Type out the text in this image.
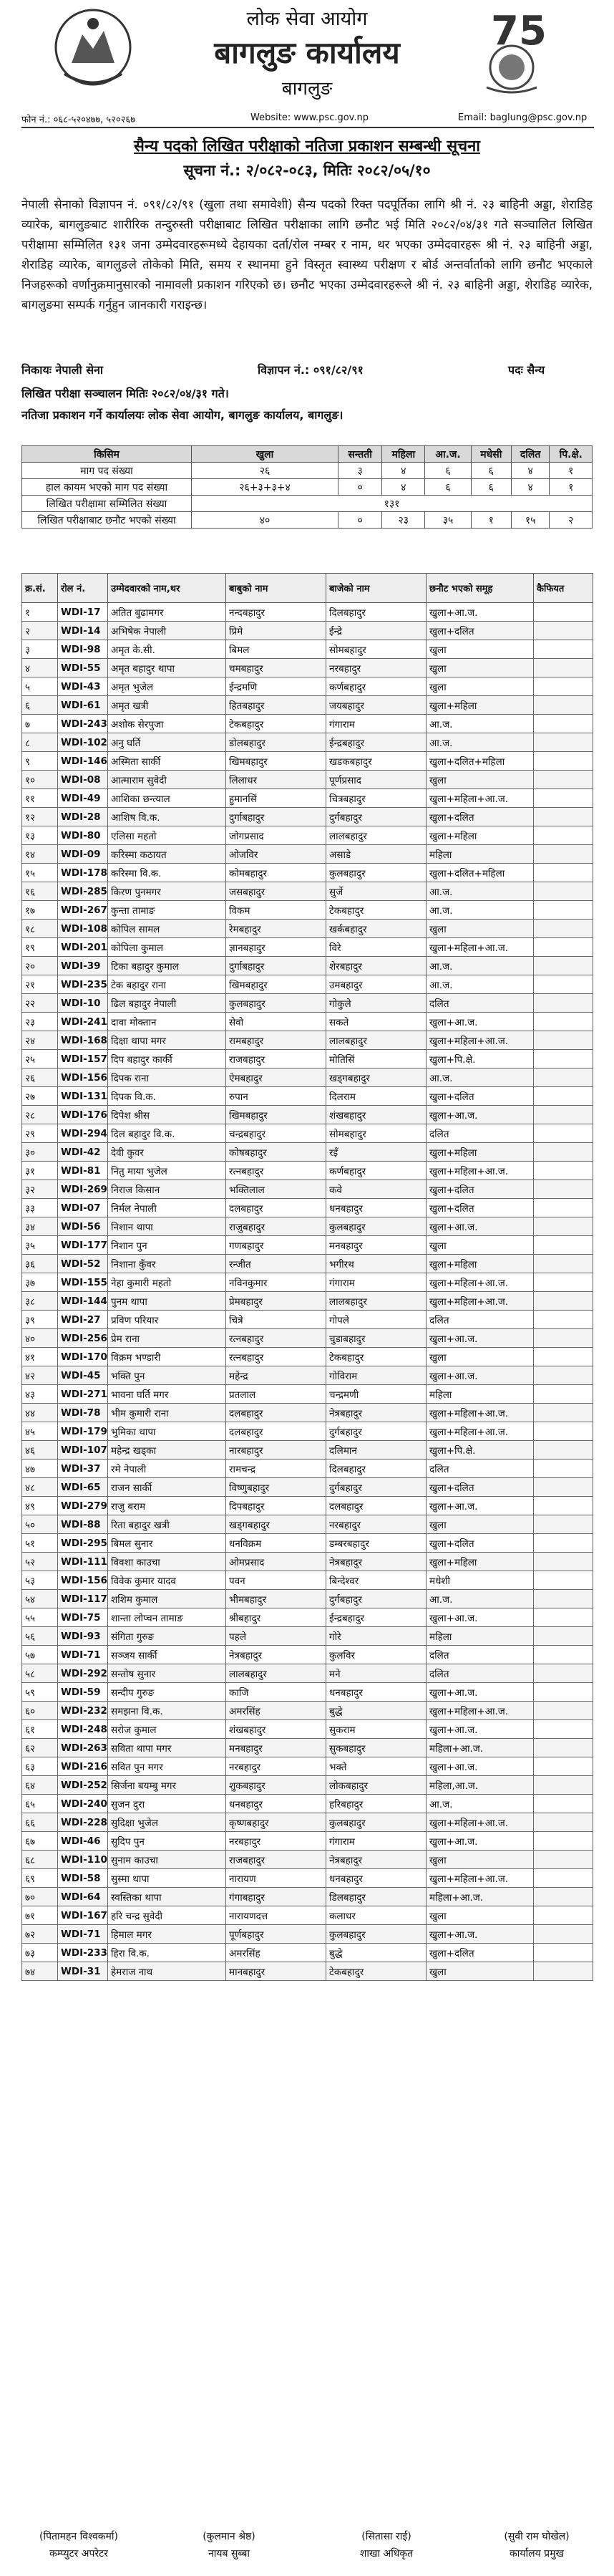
लोक सेवा आयोग
बागलुङ कार्यालय
बागलुङ
75
फोन नं.: ०६८-५२०४७७, ५२०२६७	Website: www.psc.gov.np	Email: baglung@psc.gov.np
सैन्य पदको लिखित परीक्षाको नतिजा प्रकाशन सम्बन्धी सूचना
सूचना नं.: २/०८२-०८३, मितिः २०८२/०५/१०
नेपाली सेनाको विज्ञापन नं. ०९१/८२/९१ (खुला तथा समावेशी) सैन्य पदको रिक्त पदपूर्तिका लागि श्री नं. २३ बाहिनी अड्डा, शेराडिह व्यारेक, बागलुङबाट शारीरिक तन्दुरुस्ती परीक्षाबाट लिखित परीक्षाका लागि छनौट भई मिति २०८२/०४/३१ गते सञ्चालित लिखित परीक्षामा सम्मिलित १३१ जना उम्मेदवारहरूमध्ये देहायका दर्ता/रोल नम्बर र नाम, थर भएका उम्मेदवारहरू श्री नं. २३ बाहिनी अड्डा, शेराडिह व्यारेक, बागलुङले तोकेको मिति, समय र स्थानमा हुने विस्तृत स्वास्थ्य परीक्षण र बोर्ड अन्तर्वार्ताको लागि छनौट भएकाले निजहरूको वर्णानुक्रमानुसारको नामावली प्रकाशन गरिएको छ। छनौट भएका उम्मेदवारहरूले श्री नं. २३ बाहिनी अड्डा, शेराडिह व्यारेक, बागलुङमा सम्पर्क गर्नुहुन जानकारी गराइन्छ।
निकायः नेपाली सेना	विज्ञापन नं.: ०९१/८२/९१	पदः सैन्य
लिखित परीक्षा सञ्चालन मितिः २०८२/०४/३१ गते।
नतिजा प्रकाशन गर्ने कार्यालयः लोक सेवा आयोग, बागलुङ कार्यालय, बागलुङ।
किसिम	खुला	सन्तती	महिला	आ.ज.	मधेसी	दलित	पि.क्षे.
माग पद संख्या	२६	३	४	६	६	४	१
हाल कायम भएको माग पद संख्या	२६+३+३+४	०	४	६	६	४	१
लिखित परीक्षामा सम्मिलित संख्या	१३१						
लिखित परीक्षाबाट छनौट भएको संख्या	४०	०	२३	३५	१	१५	२
क्र.सं.	रोल नं.	उम्मेदवारको नाम,थर	बाबुको नाम	बाजेको नाम	छनौट भएको समूह	कैफियत
१	WDI-17	अतित बुढामगर	नन्दबहादुर	दिलबहादुर	खुला+आ.ज.	
२	WDI-14	अभिषेक नेपाली	प्रिमे	ईन्द्रे	खुला+दलित	
३	WDI-98	अमृत के.सी.	बिमल	सोमबहादुर	खुला	
४	WDI-55	अमृत बहादुर थापा	चमबहादुर	नरबहादुर	खुला	
५	WDI-43	अमृत भुजेल	ईन्द्रमणि	कर्णबहादुर	खुला	
६	WDI-61	अमृत खत्री	हितबहादुर	जयबहादुर	खुला+महिला	
७	WDI-243	अशोक सेरपुजा	टेकबहादुर	गंगाराम	आ.ज.	
८	WDI-102	अनु घर्ति	डोलबहादुर	ईन्द्रबहादुर	आ.ज.	
९	WDI-146	अस्मिता सार्की	खिमबहादुर	खडकबहादुर	खुला+दलित+महिला	
१०	WDI-08	आत्माराम सुवेदी	लिलाधर	पूर्णप्रसाद	खुला	
११	WDI-49	आशिका छन्त्याल	हुमानसिं	चित्रबहादुर	खुला+महिला+आ.ज.	
१२	WDI-28	आशिष वि.क.	दुर्गाबहादुर	दुर्गबहादुर	खुला+दलित	
१३	WDI-80	एलिसा महतो	जोगप्रसाद	लालबहादुर	खुला+महिला	
१४	WDI-09	करिस्मा कठायत	ओजविर	असाडे	महिला	
१५	WDI-178	करिस्मा वि.क.	कोमबहादुर	कुलबहादुर	खुला+दलित+महिला	
१६	WDI-285	किरण पुनमगर	जसबहादुर	सुर्जे	आ.ज.	
१७	WDI-267	कुन्ता तामाङ	विकम	टेकबहादुर	आ.ज.	
१८	WDI-108	कोपिल सामल	रेमबहादुर	खर्कबहादुर	खुला	
१९	WDI-201	कोपिला कुमाल	ज्ञानबहादुर	विरे	खुला+महिला+आ.ज.	
२०	WDI-39	टिका बहादुर कुमाल	दुर्गाबहादुर	शेरबहादुर	आ.ज.	
२१	WDI-235	टेक बहादुर राना	खिमबहादुर	उमबहादुर	आ.ज.	
२२	WDI-10	ढिल बहादुर नेपाली	कुलबहादुर	गोकुले	दलित	
२३	WDI-241	दावा मोक्तान	सेवो	सकते	खुला+आ.ज.	
२४	WDI-168	दिक्षा थापा मगर	रामबहादुर	लालबहादुर	खुला+महिला+आ.ज.	
२५	WDI-157	दिप बहादुर कार्की	राजबहादुर	मोतिसिं	खुला+पि.क्षे.	
२६	WDI-156	दिपक राना	ऐमबहादुर	खड्गबहादुर	आ.ज.	
२७	WDI-131	दिपक वि.क.	रुपान	दिलराम	खुला+दलित	
२८	WDI-176	दिपेश श्रीस	खिमबहादुर	शंखबहादुर	खुला+आ.ज.	
२९	WDI-294	दिल बहादुर वि.क.	चन्द्रबहादुर	सोमबहादुर	दलित	
३०	WDI-42	देवी कुवर	कोषबहादुर	रइँ	खुला+महिला	
३१	WDI-81	नितु माया भुजेल	रत्नबहादुर	कर्णबहादुर	खुला+महिला+आ.ज.	
३२	WDI-269	निराज किसान	भक्तिलाल	कवे	खुला+दलित	
३३	WDI-07	निर्मल नेपाली	दलबहादुर	धनबहादुर	खुला+दलित	
३४	WDI-56	निशान थापा	राजुबहादुर	कुलबहादुर	खुला+आ.ज.	
३५	WDI-177	निशान पुन	गणबहादुर	मनबहादुर	खुला	
३६	WDI-52	निशाना कुँवर	रन्जीत	भगीरथ	खुला+महिला	
३७	WDI-155	नेहा कुमारी महतो	नविनकुमार	गंगाराम	खुला+महिला+आ.ज.	
३८	WDI-144	पुनम थापा	प्रेमबहादुर	लालबहादुर	खुला+महिला+आ.ज.	
३९	WDI-27	प्रविण परियार	चित्रे	गोपले	दलित	
४०	WDI-256	प्रेम राना	रत्नबहादुर	चुडाबहादुर	खुला+आ.ज.	
४१	WDI-170	विक्रम भण्डारी	रत्नबहादुर	टेकबहादुर	खुला	
४२	WDI-45	भक्ति पुन	महेन्द्र	गोविराम	खुला+आ.ज.	
४३	WDI-271	भावना घर्ति मगर	प्रतलाल	चन्द्रमणी	महिला	
४४	WDI-78	भीम कुमारी राना	दलबहादुर	नेत्रबहादुर	खुला+महिला+आ.ज.	
४५	WDI-179	भुमिका थापा	दलबहादुर	दुर्गबहादुर	खुला+महिला+आ.ज.	
४६	WDI-107	महेन्द्र खड्का	नारबहादुर	दलिमान	खुला+पि.क्षे.	
४७	WDI-37	रमे नेपाली	रामचन्द्र	दिलबहादुर	दलित	
४८	WDI-65	राजन सार्की	विष्णुबहादुर	दुर्गबहादुर	खुला+दलित	
४९	WDI-279	राजु बराम	दिपबहादुर	दलबहादुर	खुला+आ.ज.	
५०	WDI-88	रिता बहादुर खत्री	खड्गबहादुर	नरबहादुर	खुला	
५१	WDI-295	बिमल सुनार	धनविक्रम	डम्बरबहादुर	खुला+दलित	
५२	WDI-111	विवशा काउचा	ओमप्रसाद	नेत्रबहादुर	खुला+महिला	
५३	WDI-156	विवेक कुमार यादव	पवन	बिन्देश्वर	मधेशी	
५४	WDI-117	शशिम कुमाल	भीमबहादुर	दुर्गबहादुर	आ.ज.	
५५	WDI-75	शान्ता लोप्चन तामाङ	श्रीबहादुर	ईन्द्रबहादुर	खुला+आ.ज.	
५६	WDI-93	संगिता गुरुङ	पहले	गोरे	महिला	
५७	WDI-71	सञ्जय सार्की	नेत्रबहादुर	कुलविर	दलित	
५८	WDI-292	सन्तोष सुनार	लालबहादुर	मने	दलित	
५९	WDI-59	सन्दीप गुरुङ	काजि	धनबहादुर	खुला+आ.ज.	
६०	WDI-232	समझना वि.क.	अमरसिंह	बुद्धे	खुला+महिला+आ.ज.	
६१	WDI-248	सरोज कुमाल	शंखबहादुर	सुकराम	खुला+आ.ज.	
६२	WDI-263	सविता थापा मगर	मनबहादुर	सुकबहादुर	महिला+आ.ज.	
६३	WDI-216	सवित पुन मगर	नरबहादुर	भक्ते	खुला+आ.ज.	
६४	WDI-252	सिर्जना बयम्बु मगर	शुकबहादुर	लोकबहादुर	महिला,आ.ज.	
६५	WDI-240	सुजन दुरा	धनबहादुर	हरिबहादुर	आ.ज.	
६६	WDI-228	सुदिक्षा भुजेल	कृष्णबहादुर	कुलबहादुर	खुला+महिला+आ.ज.	
६७	WDI-46	सुदिप पुन	नरबहादुर	गंगाराम	खुला+आ.ज.	
६८	WDI-110	सुनाम काउचा	राजबहादुर	नेत्रबहादुर	खुला	
६९	WDI-58	सुस्मा थापा	नारायण	धनबहादुर	खुला+महिला+आ.ज.	
७०	WDI-64	स्वस्तिका थापा	गंगाबहादुर	डिलबहादुर	महिला+आ.ज.	
७१	WDI-167	हरि चन्द्र सुवेदी	नारायणदत्त	कलाधर	खुला	
७२	WDI-71	हिमाल मगर	पूर्णबहादुर	कुलबहादुर	खुला+आ.ज.	
७३	WDI-233	हिरा वि.क.	अमरसिंह	बुद्धे	खुला+दलित	
७४	WDI-31	हेमराज नाथ	मानबहादुर	टेकबहादुर	खुला	
(पितामहन विश्वकर्मा)
कम्प्युटर अपरेटर
(कुलमान श्रेष्ठ)
नायब सुब्बा
(सितासा राई)
शाखा अधिकृत
(सुवी राम घोखेल)
कार्यालय प्रमुख
